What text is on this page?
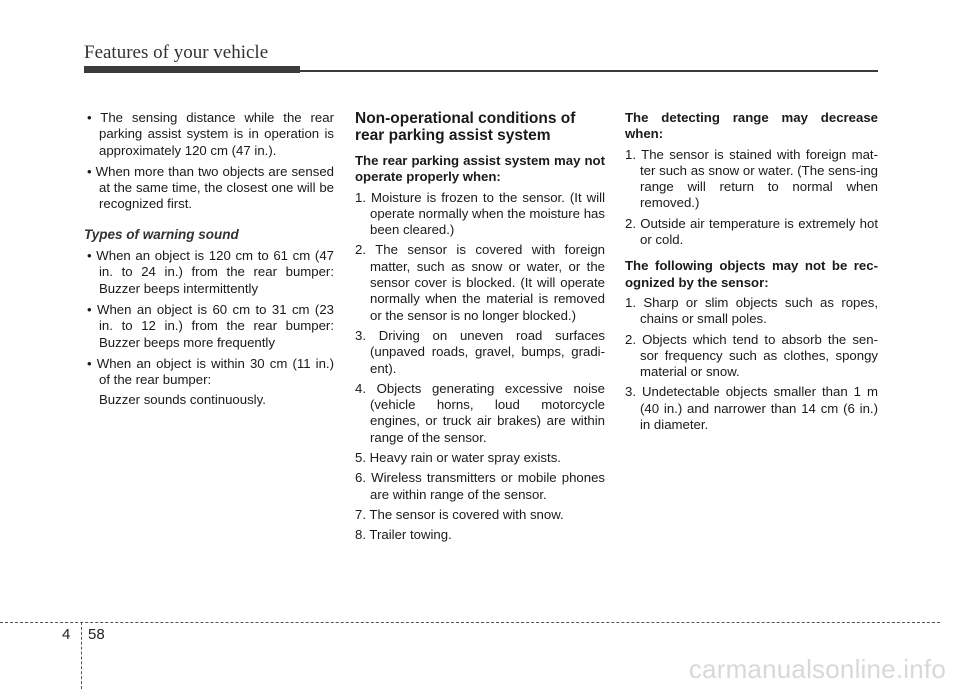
Features of your vehicle

• The sensing distance while the rear parking assist system is in operation is approximately 120 cm (47 in.).

• When more than two objects are sensed at the same time, the closest one will be recognized first.

Types of warning sound

• When an object is 120 cm to 61 cm (47 in. to 24 in.) from the rear bumper: Buzzer beeps intermittently

• When an object is 60 cm to 31 cm (23 in. to 12 in.) from the rear bumper: Buzzer beeps more frequently

• When an object is within 30 cm (11 in.) of the rear bumper:

Buzzer sounds continuously.

Non-operational conditions of rear parking assist system

The rear parking assist system may not operate properly when:

1. Moisture is frozen to the sensor. (It will operate normally when the moisture has been cleared.)

2. The sensor is covered with foreign matter, such as snow or water, or the sensor cover is blocked. (It will operate normally when the material is removed or the sensor is no longer blocked.)

3. Driving on uneven road surfaces (unpaved roads, gravel, bumps, gradi-ent).

4. Objects generating excessive noise (vehicle horns, loud motorcycle engines, or truck air brakes) are within range of the sensor.

5. Heavy rain or water spray exists.

6. Wireless transmitters or mobile phones are within range of the sensor.

7. The sensor is covered with snow.

8. Trailer towing.

The detecting range may decrease when:

1. The sensor is stained with foreign mat-ter such as snow or water. (The sens-ing range will return to normal when removed.)

2. Outside air temperature is extremely hot or cold.

The following objects may not be rec-ognized by the sensor:

1. Sharp or slim objects such as ropes, chains or small poles.

2. Objects which tend to absorb the sen-sor frequency such as clothes, spongy material or snow.

3. Undetectable objects smaller than 1 m (40 in.) and narrower than 14 cm (6 in.) in diameter.

4 58
carmanualsonline.info
